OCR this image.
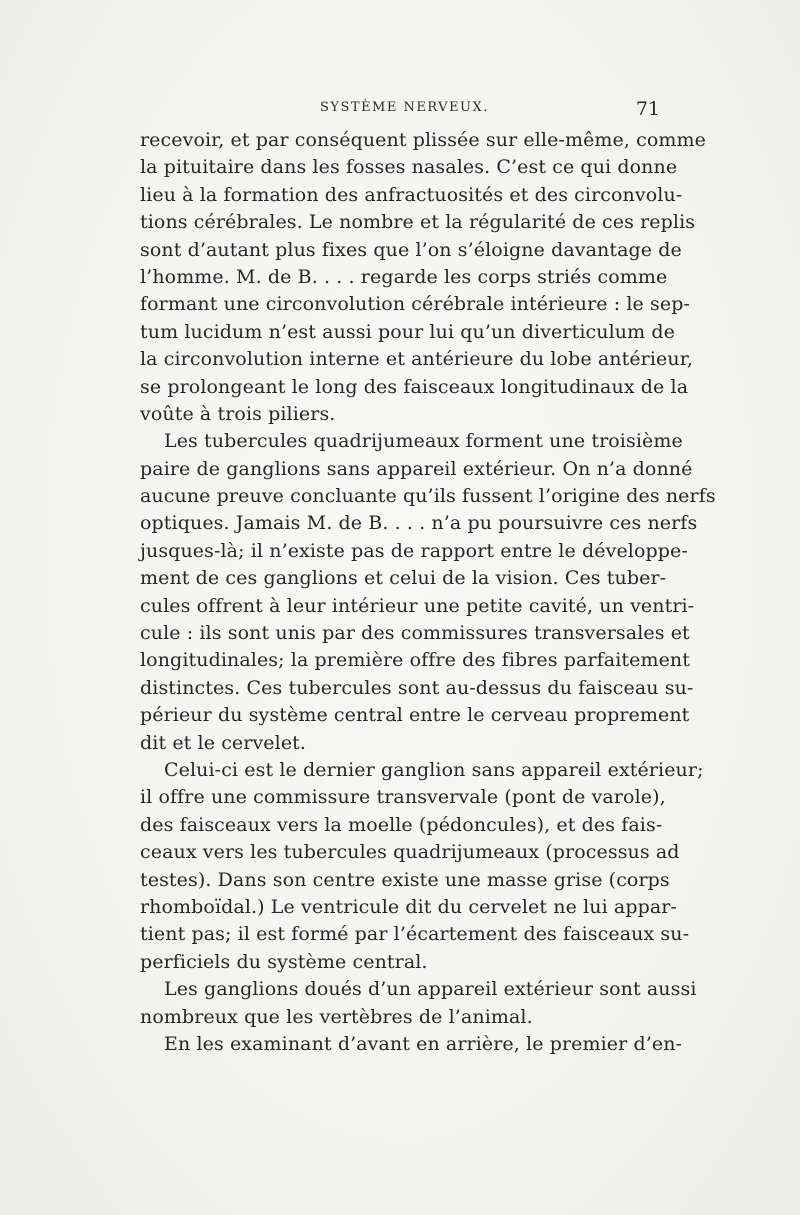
SYSTÈME NERVEUX.	71
recevoir, et par conséquent plissée sur elle-même, comme
la pituitaire dans les fosses nasales. C’est ce qui donne
lieu à la formation des anfractuosités et des circonvolu-
tions cérébrales. Le nombre et la régularité de ces replis
sont d’autant plus fixes que l’on s’éloigne davantage de
l’homme. M. de B. . . . regarde les corps striés comme
formant une circonvolution cérébrale intérieure : le sep-
tum lucidum n’est aussi pour lui qu’un diverticulum de
la circonvolution interne et antérieure du lobe antérieur,
se prolongeant le long des faisceaux longitudinaux de la
voûte à trois piliers.
Les tubercules quadrijumeaux forment une troisième
paire de ganglions sans appareil extérieur. On n’a donné
aucune preuve concluante qu’ils fussent l’origine des nerfs
optiques. Jamais M. de B. . . . n’a pu poursuivre ces nerfs
jusques-là; il n’existe pas de rapport entre le développe-
ment de ces ganglions et celui de la vision. Ces tuber-
cules offrent à leur intérieur une petite cavité, un ventri-
cule : ils sont unis par des commissures transversales et
longitudinales; la première offre des fibres parfaitement
distinctes. Ces tubercules sont au-dessus du faisceau su-
périeur du système central entre le cerveau proprement
dit et le cervelet.
Celui-ci est le dernier ganglion sans appareil extérieur;
il offre une commissure transvervale (pont de varole),
des faisceaux vers la moelle (pédoncules), et des fais-
ceaux vers les tubercules quadrijumeaux (processus ad
testes). Dans son centre existe une masse grise (corps
rhomboïdal.) Le ventricule dit du cervelet ne lui appar-
tient pas; il est formé par l’écartement des faisceaux su-
perficiels du système central.
Les ganglions doués d’un appareil extérieur sont aussi
nombreux que les vertèbres de l’animal.
En les examinant d’avant en arrière, le premier d’en-
